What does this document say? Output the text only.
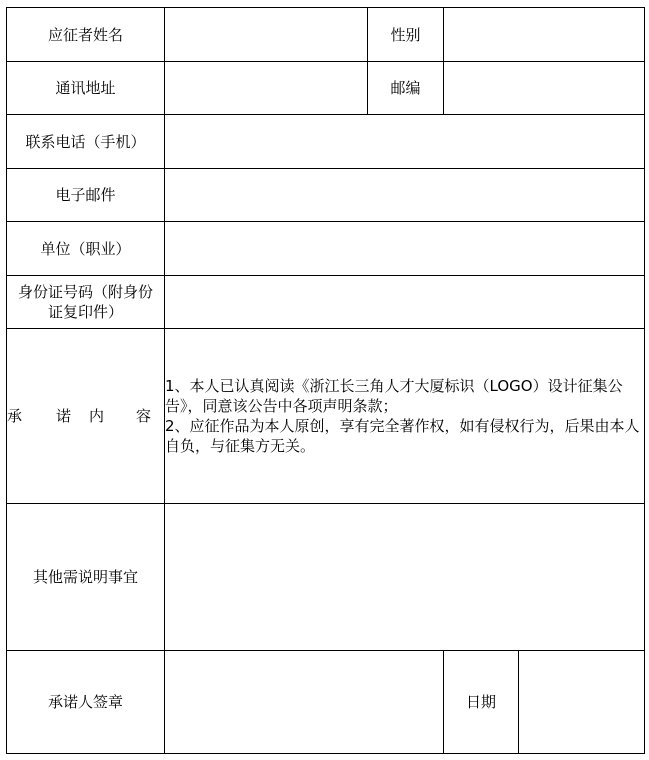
应征者姓名		性别		
通讯地址		邮编		
联系电话（手机）				
电子邮件				
单位（职业）				

身份证号码（附身份
证复印件）				

承 诺 内 容	1、本人已认真阅读《浙江长三角人才大厦标识（LOGO）设计征集公告》，同意该公告中各项声明条款；

2、应征作品为本人原创，享有完全著作权，如有侵权行为，后果由本人自负，与征集方无关。			

其他需说明事宜				
承诺人签章			日期	
